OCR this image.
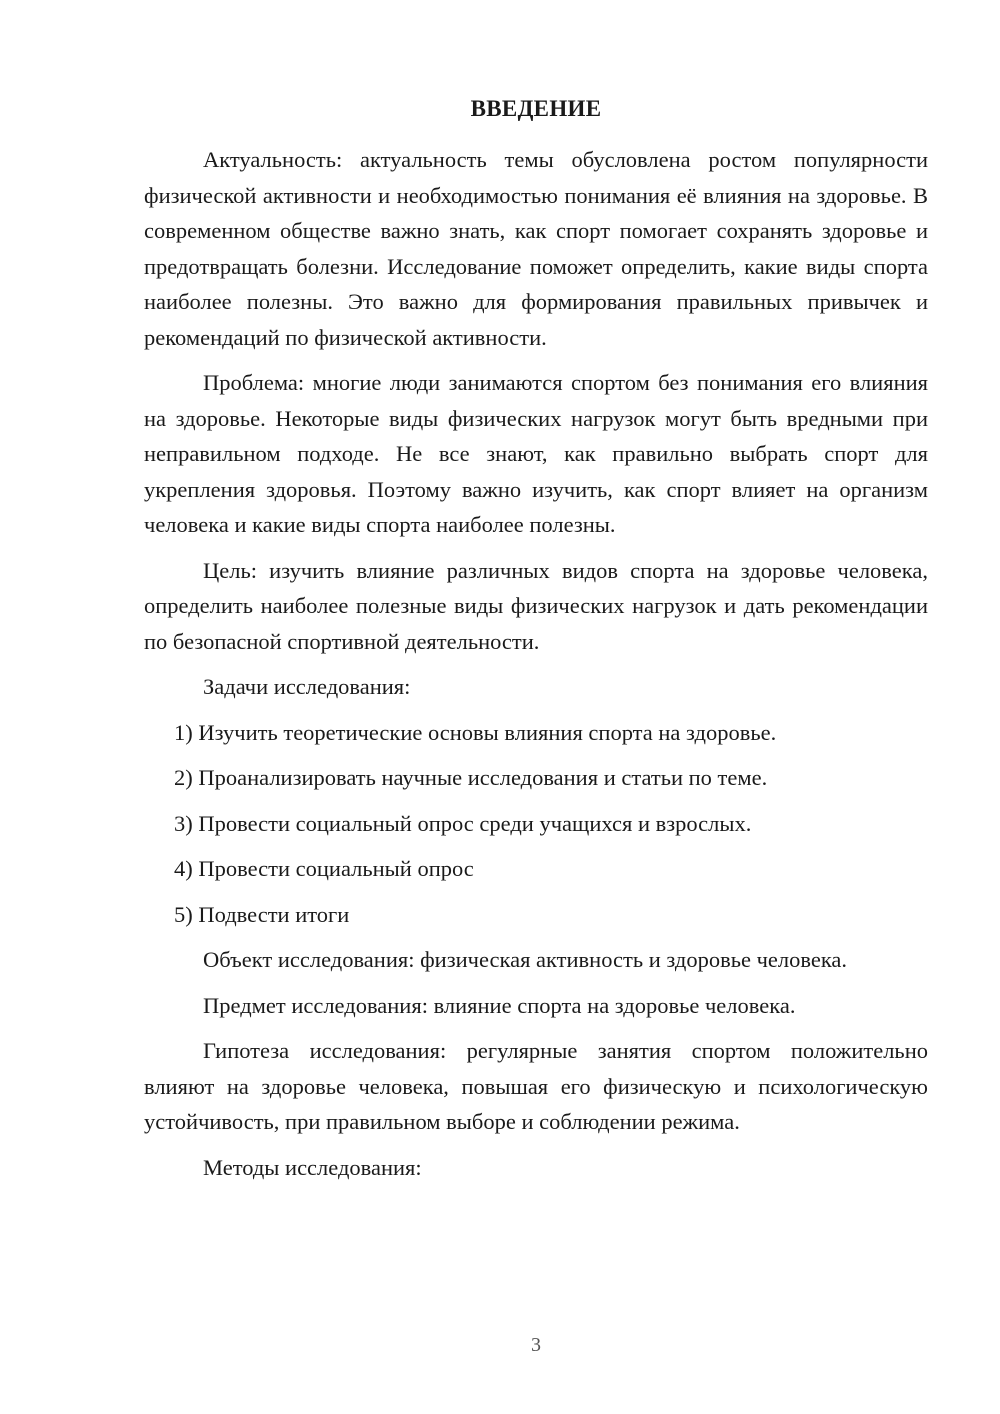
ВВЕДЕНИЕ

Актуальность: актуальность темы обусловлена ростом популярности физической активности и необходимостью понимания её влияния на здоровье. В современном обществе важно знать, как спорт помогает сохранять здоровье и предотвращать болезни. Исследование поможет определить, какие виды спорта наиболее полезны. Это важно для формирования правильных привычек и рекомендаций по физической активности.

Проблема: многие люди занимаются спортом без понимания его влияния на здоровье. Некоторые виды физических нагрузок могут быть вредными при неправильном подходе. Не все знают, как правильно выбрать спорт для укрепления здоровья. Поэтому важно изучить, как спорт влияет на организм человека и какие виды спорта наиболее полезны.

Цель: изучить влияние различных видов спорта на здоровье человека, определить наиболее полезные виды физических нагрузок и дать рекомендации по безопасной спортивной деятельности.

Задачи исследования:

1) Изучить теоретические основы влияния спорта на здоровье.

2) Проанализировать научные исследования и статьи по теме.

3) Провести социальный опрос среди учащихся и взрослых.

4) Провести социальный опрос

5) Подвести итоги

Объект исследования: физическая активность и здоровье человека.

Предмет исследования: влияние спорта на здоровье человека.

Гипотеза исследования: регулярные занятия спортом положительно влияют на здоровье человека, повышая его физическую и психологическую устойчивость, при правильном выборе и соблюдении режима.

Методы исследования:

3
